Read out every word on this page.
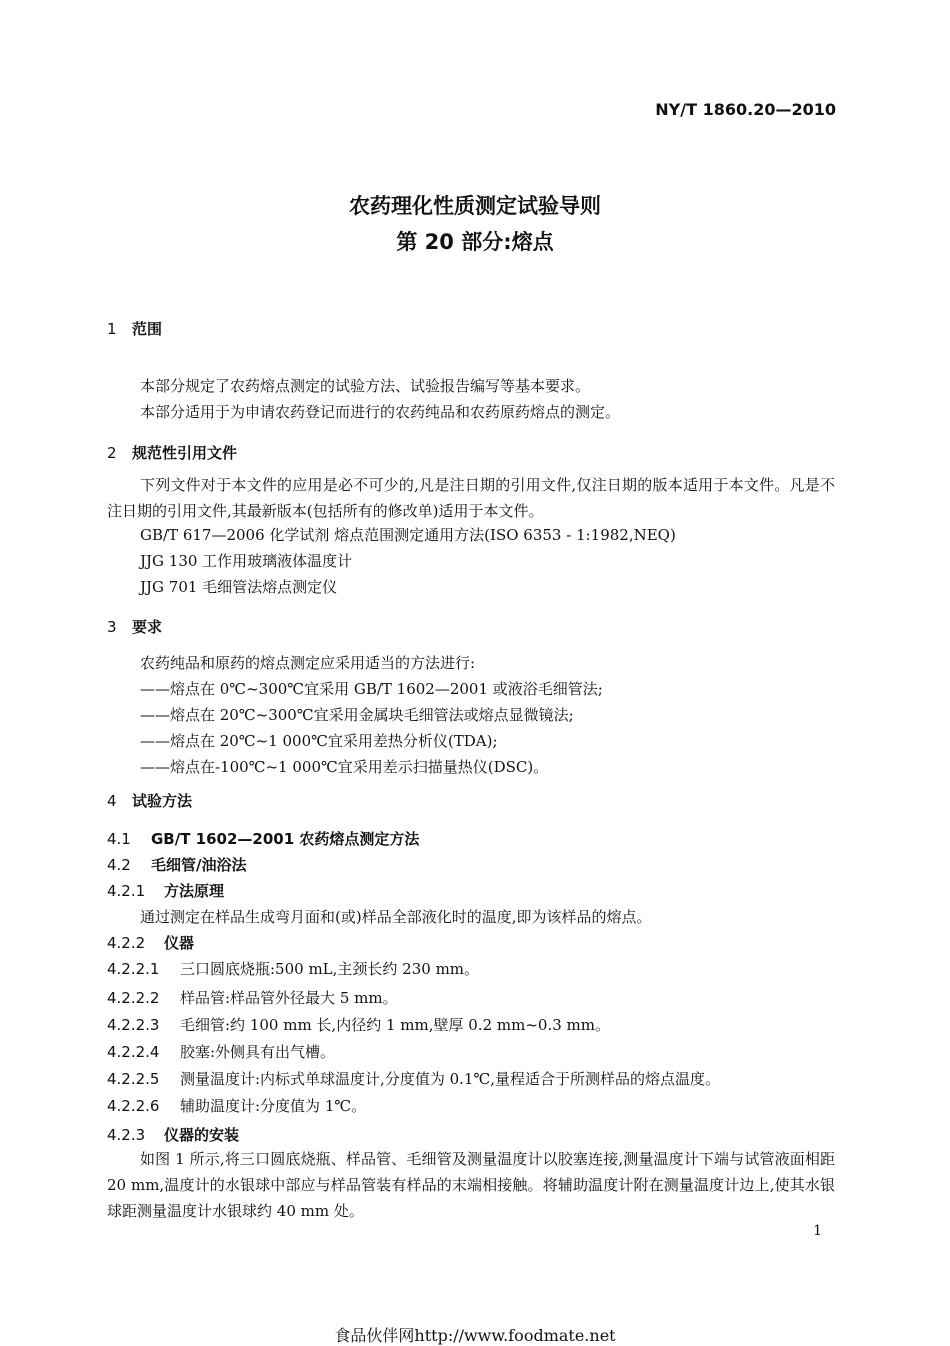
NY/T 1860.20—2010
农药理化性质测定试验导则
第 20 部分:熔点
1 范围
本部分规定了农药熔点测定的试验方法、试验报告编写等基本要求。
本部分适用于为申请农药登记而进行的农药纯品和农药原药熔点的测定。
2 规范性引用文件
下列文件对于本文件的应用是必不可少的,凡是注日期的引用文件,仅注日期的版本适用于本文件。凡是不注日期的引用文件,其最新版本(包括所有的修改单)适用于本文件。
GB/T 617—2006 化学试剂 熔点范围测定通用方法(ISO 6353 - 1:1982,NEQ)
JJG 130 工作用玻璃液体温度计
JJG 701 毛细管法熔点测定仪
3 要求
农药纯品和原药的熔点测定应采用适当的方法进行:
——熔点在 0℃~300℃宜采用 GB/T 1602—2001 或液浴毛细管法;
——熔点在 20℃~300℃宜采用金属块毛细管法或熔点显微镜法;
——熔点在 20℃~1 000℃宜采用差热分析仪(TDA);
——熔点在-100℃~1 000℃宜采用差示扫描量热仪(DSC)。
4 试验方法
4.1 GB/T 1602—2001 农药熔点测定方法
4.2 毛细管/油浴法
4.2.1 方法原理
通过测定在样品生成弯月面和(或)样品全部液化时的温度,即为该样品的熔点。
4.2.2 仪器
4.2.2.1 三口圆底烧瓶:500 mL,主颈长约 230 mm。
4.2.2.2 样品管:样品管外径最大 5 mm。
4.2.2.3 毛细管:约 100 mm 长,内径约 1 mm,壁厚 0.2 mm~0.3 mm。
4.2.2.4 胶塞:外侧具有出气槽。
4.2.2.5 测量温度计:内标式单球温度计,分度值为 0.1℃,量程适合于所测样品的熔点温度。
4.2.2.6 辅助温度计:分度值为 1℃。
4.2.3 仪器的安装
如图 1 所示,将三口圆底烧瓶、样品管、毛细管及测量温度计以胶塞连接,测量温度计下端与试管液面相距 20 mm,温度计的水银球中部应与样品管装有样品的末端相接触。将辅助温度计附在测量温度计边上,使其水银球距测量温度计水银球约 40 mm 处。
1
食品伙伴网http://www.foodmate.net
